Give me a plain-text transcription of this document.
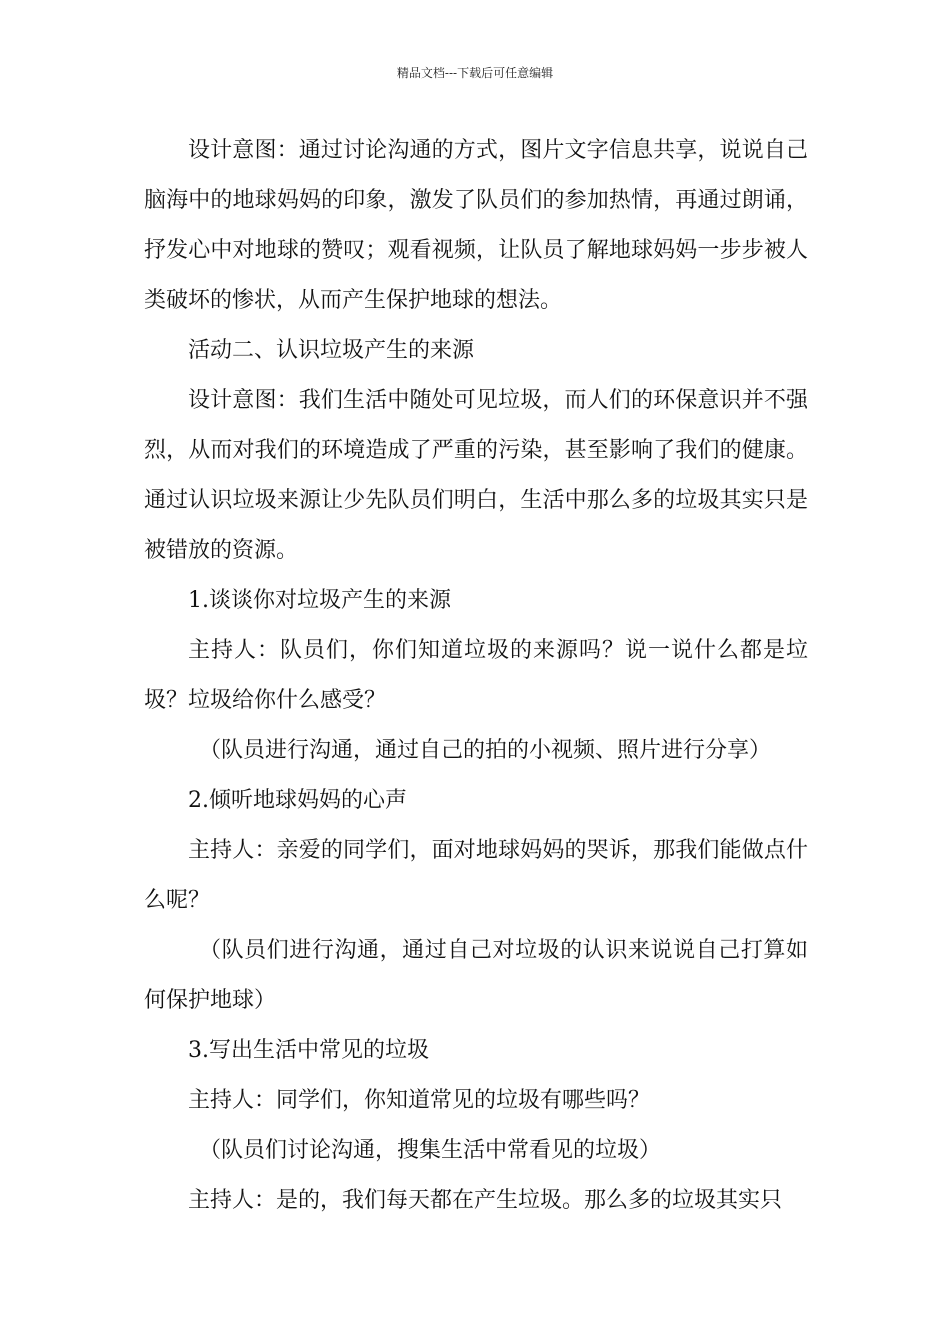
精品文档---下载后可任意编辑

设计意图：通过讨论沟通的方式，图片文字信息共享，说说自己脑海中的地球妈妈的印象，激发了队员们的参加热情，再通过朗诵，抒发心中对地球的赞叹；观看视频，让队员了解地球妈妈一步步被人类破坏的惨状，从而产生保护地球的想法。

活动二、认识垃圾产生的来源

设计意图：我们生活中随处可见垃圾，而人们的环保意识并不强烈，从而对我们的环境造成了严重的污染，甚至影响了我们的健康。通过认识垃圾来源让少先队员们明白，生活中那么多的垃圾其实只是被错放的资源。

1.谈谈你对垃圾产生的来源

主持人：队员们，你们知道垃圾的来源吗？说一说什么都是垃圾？垃圾给你什么感受？

（队员进行沟通，通过自己的拍的小视频、照片进行分享）

2.倾听地球妈妈的心声

主持人：亲爱的同学们，面对地球妈妈的哭诉，那我们能做点什么呢？

（队员们进行沟通，通过自己对垃圾的认识来说说自己打算如何保护地球）

3.写出生活中常见的垃圾

主持人：同学们，你知道常见的垃圾有哪些吗？

（队员们讨论沟通，搜集生活中常看见的垃圾）

主持人：是的，我们每天都在产生垃圾。那么多的垃圾其实只
